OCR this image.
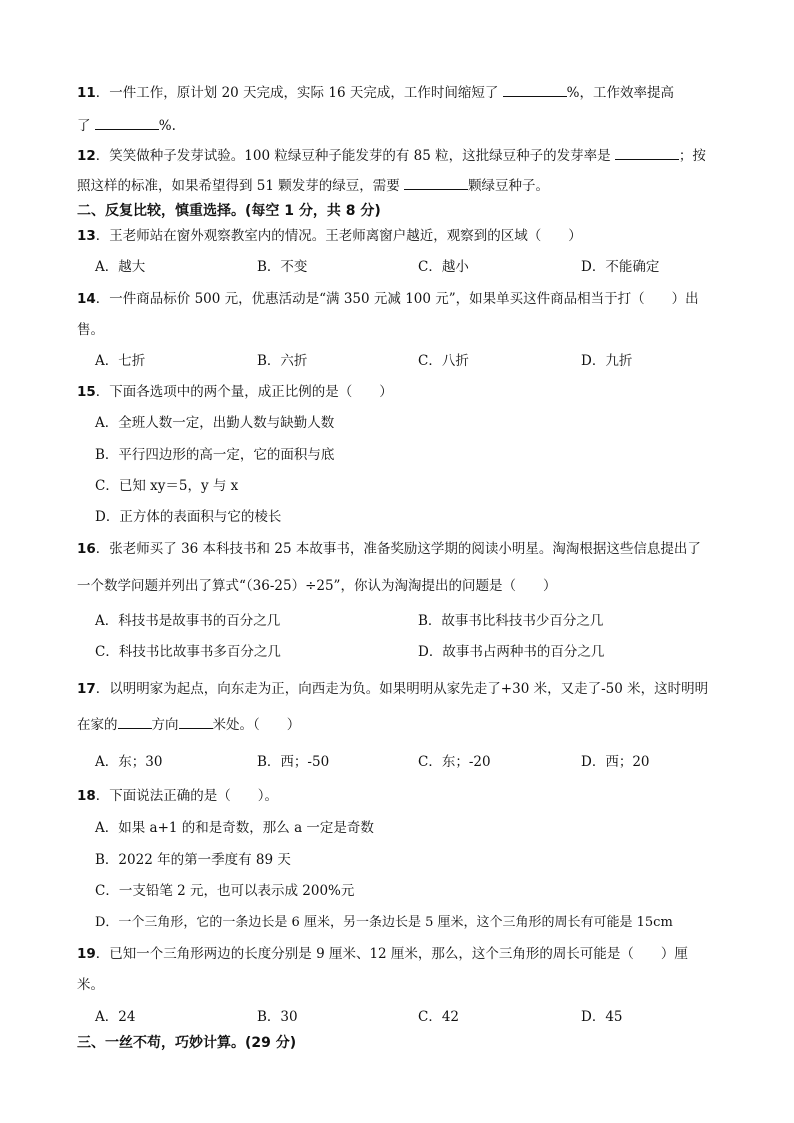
11．一件工作，原计划 20 天完成，实际 16 天完成，工作时间缩短了	%，工作效率提高
了	%.
12．笑笑做种子发芽试验。100 粒绿豆种子能发芽的有 85 粒，这批绿豆种子的发芽率是	；按
照这样的标准，如果希望得到 51 颗发芽的绿豆，需要	颗绿豆种子。
二、反复比较，慎重选择。(每空 1 分，共 8 分)
13．王老师站在窗外观察教室内的情况。王老师离窗户越近，观察到的区域（　　）
A．越大	B．不变	C．越小	D．不能确定
14．一件商品标价 500 元，优惠活动是“满 350 元减 100 元”，如果单买这件商品相当于打（　　）出
售。
A．七折	B．六折	C．八折	D．九折
15．下面各选项中的两个量，成正比例的是（　　）
A．全班人数一定，出勤人数与缺勤人数
B．平行四边形的高一定，它的面积与底
C．已知 xy＝5，y 与 x
D．正方体的表面积与它的棱长
16．张老师买了 36 本科技书和 25 本故事书，准备奖励这学期的阅读小明星。淘淘根据这些信息提出了
一个数学问题并列出了算式“（36-25）÷25”，你认为淘淘提出的问题是（　　）
A．科技书是故事书的百分之几	B．故事书比科技书少百分之几
C．科技书比故事书多百分之几	D．故事书占两种书的百分之几
17．以明明家为起点，向东走为正，向西走为负。如果明明从家先走了+30 米，又走了-50 米，这时明明
在家的	方向	米处。（　　）
A．东；30	B．西；-50	C．东；-20	D．西；20
18．下面说法正确的是（　　）。
A．如果 a+1 的和是奇数，那么 a 一定是奇数
B．2022 年的第一季度有 89 天
C．一支铅笔 2 元，也可以表示成 200%元
D．一个三角形，它的一条边长是 6 厘米，另一条边长是 5 厘米，这个三角形的周长有可能是 15cm
19．已知一个三角形两边的长度分别是 9 厘米、12 厘米，那么，这个三角形的周长可能是（　　）厘
米。
A．24	B．30	C．42	D．45
三、一丝不苟，巧妙计算。(29 分)
